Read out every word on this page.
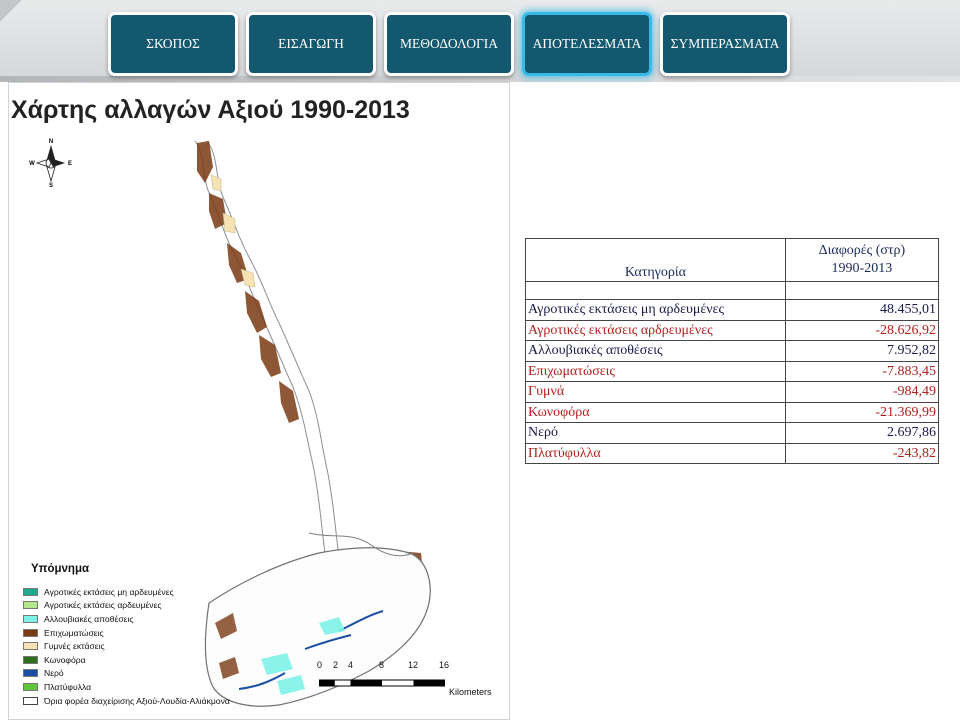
ΣΚΟΠΟΣ	ΕΙΣΑΓΩΓΗ	ΜΕΘΟΔΟΛΟΓΙΑ	ΑΠΟΤΕΛΕΣΜΑΤΑ	ΣΥΜΠΕΡΑΣΜΑΤΑ
Χάρτης αλλαγών Αξιού 1990-2013
N
S
W	E

Υπόμνημα

Αγροτικές εκτάσεις μη αρδευμένες
Αγροτικές εκτάσεις αρδευμένες
Αλλουβιακές αποθέσεις
Επιχωματώσεις
Γυμνές εκτάσεις
Κωνοφόρα
Νερό
Πλατύφυλλα
Όρια φορέα διαχείρισης Αξιού-Λουδία-Αλιάκμονα
0 2 4	8	12 16
Kilometers
Κατηγορία	Διαφορές (στρ)
1990-2013

Αγροτικές εκτάσεις μη αρδευμένες	48.455,01
Αγροτικές εκτάσεις αρδρευμένες	-28.626,92
Αλλουβιακές αποθέσεις	7.952,82
Επιχωματώσεις	-7.883,45
Γυμνά	-984,49
Κωνοφόρα	-21.369,99
Νερό	2.697,86
Πλατύφυλλα	-243,82
